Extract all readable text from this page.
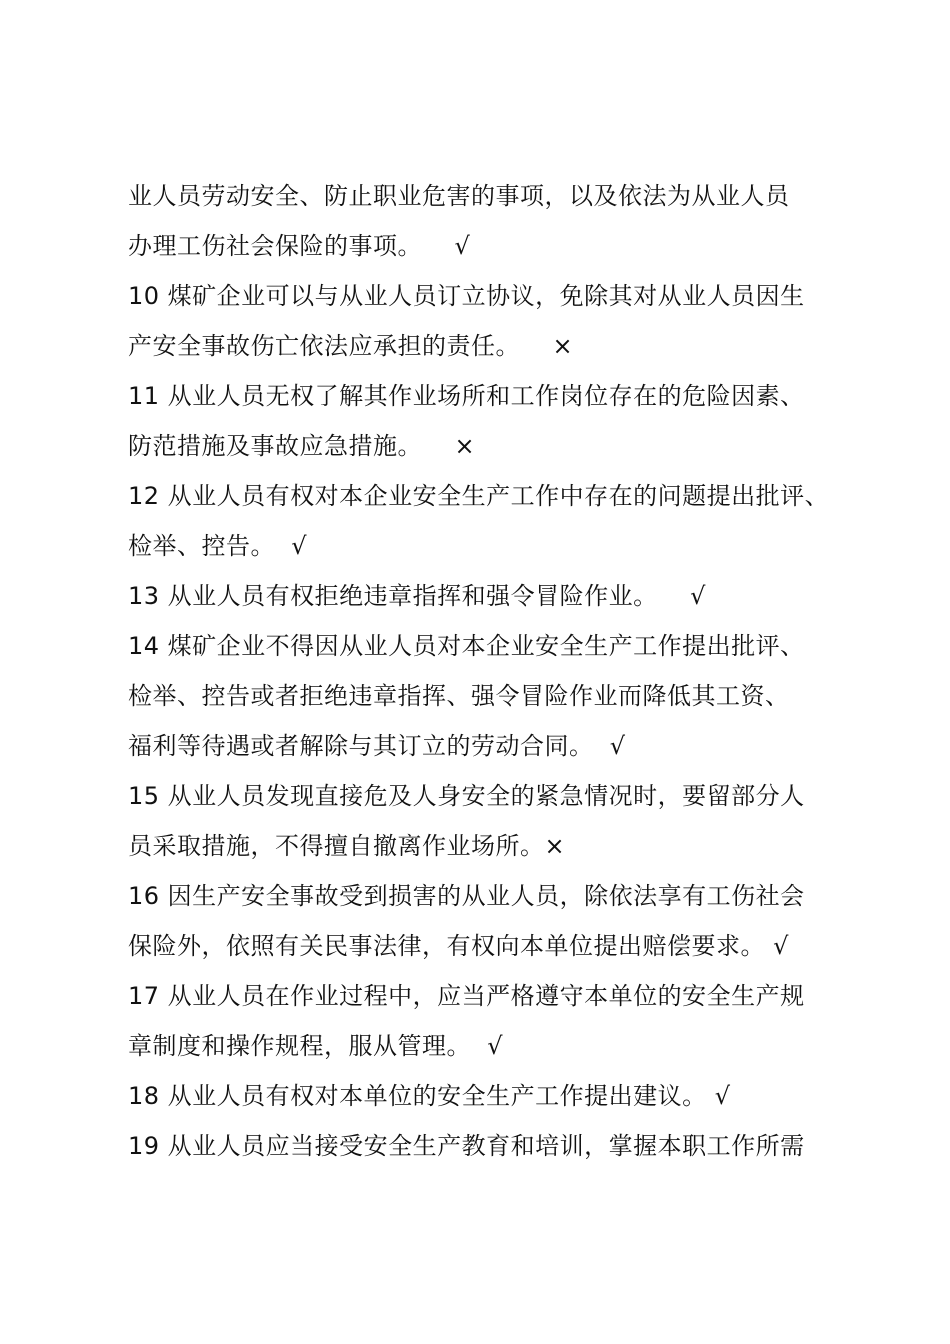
业人员劳动安全、防止职业危害的事项，以及依法为从业人员
办理工伤社会保险的事项。    √
10 煤矿企业可以与从业人员订立协议，免除其对从业人员因生
产安全事故伤亡依法应承担的责任。    ×
11 从业人员无权了解其作业场所和工作岗位存在的危险因素、
防范措施及事故应急措施。    ×
12 从业人员有权对本企业安全生产工作中存在的问题提出批评、
检举、控告。  √
13 从业人员有权拒绝违章指挥和强令冒险作业。    √
14 煤矿企业不得因从业人员对本企业安全生产工作提出批评、
检举、控告或者拒绝违章指挥、强令冒险作业而降低其工资、
福利等待遇或者解除与其订立的劳动合同。  √
15 从业人员发现直接危及人身安全的紧急情况时，要留部分人
员采取措施，不得擅自撤离作业场所。×
16 因生产安全事故受到损害的从业人员，除依法享有工伤社会
保险外，依照有关民事法律，有权向本单位提出赔偿要求。 √
17 从业人员在作业过程中，应当严格遵守本单位的安全生产规
章制度和操作规程，服从管理。  √
18 从业人员有权对本单位的安全生产工作提出建议。 √
19 从业人员应当接受安全生产教育和培训，掌握本职工作所需
